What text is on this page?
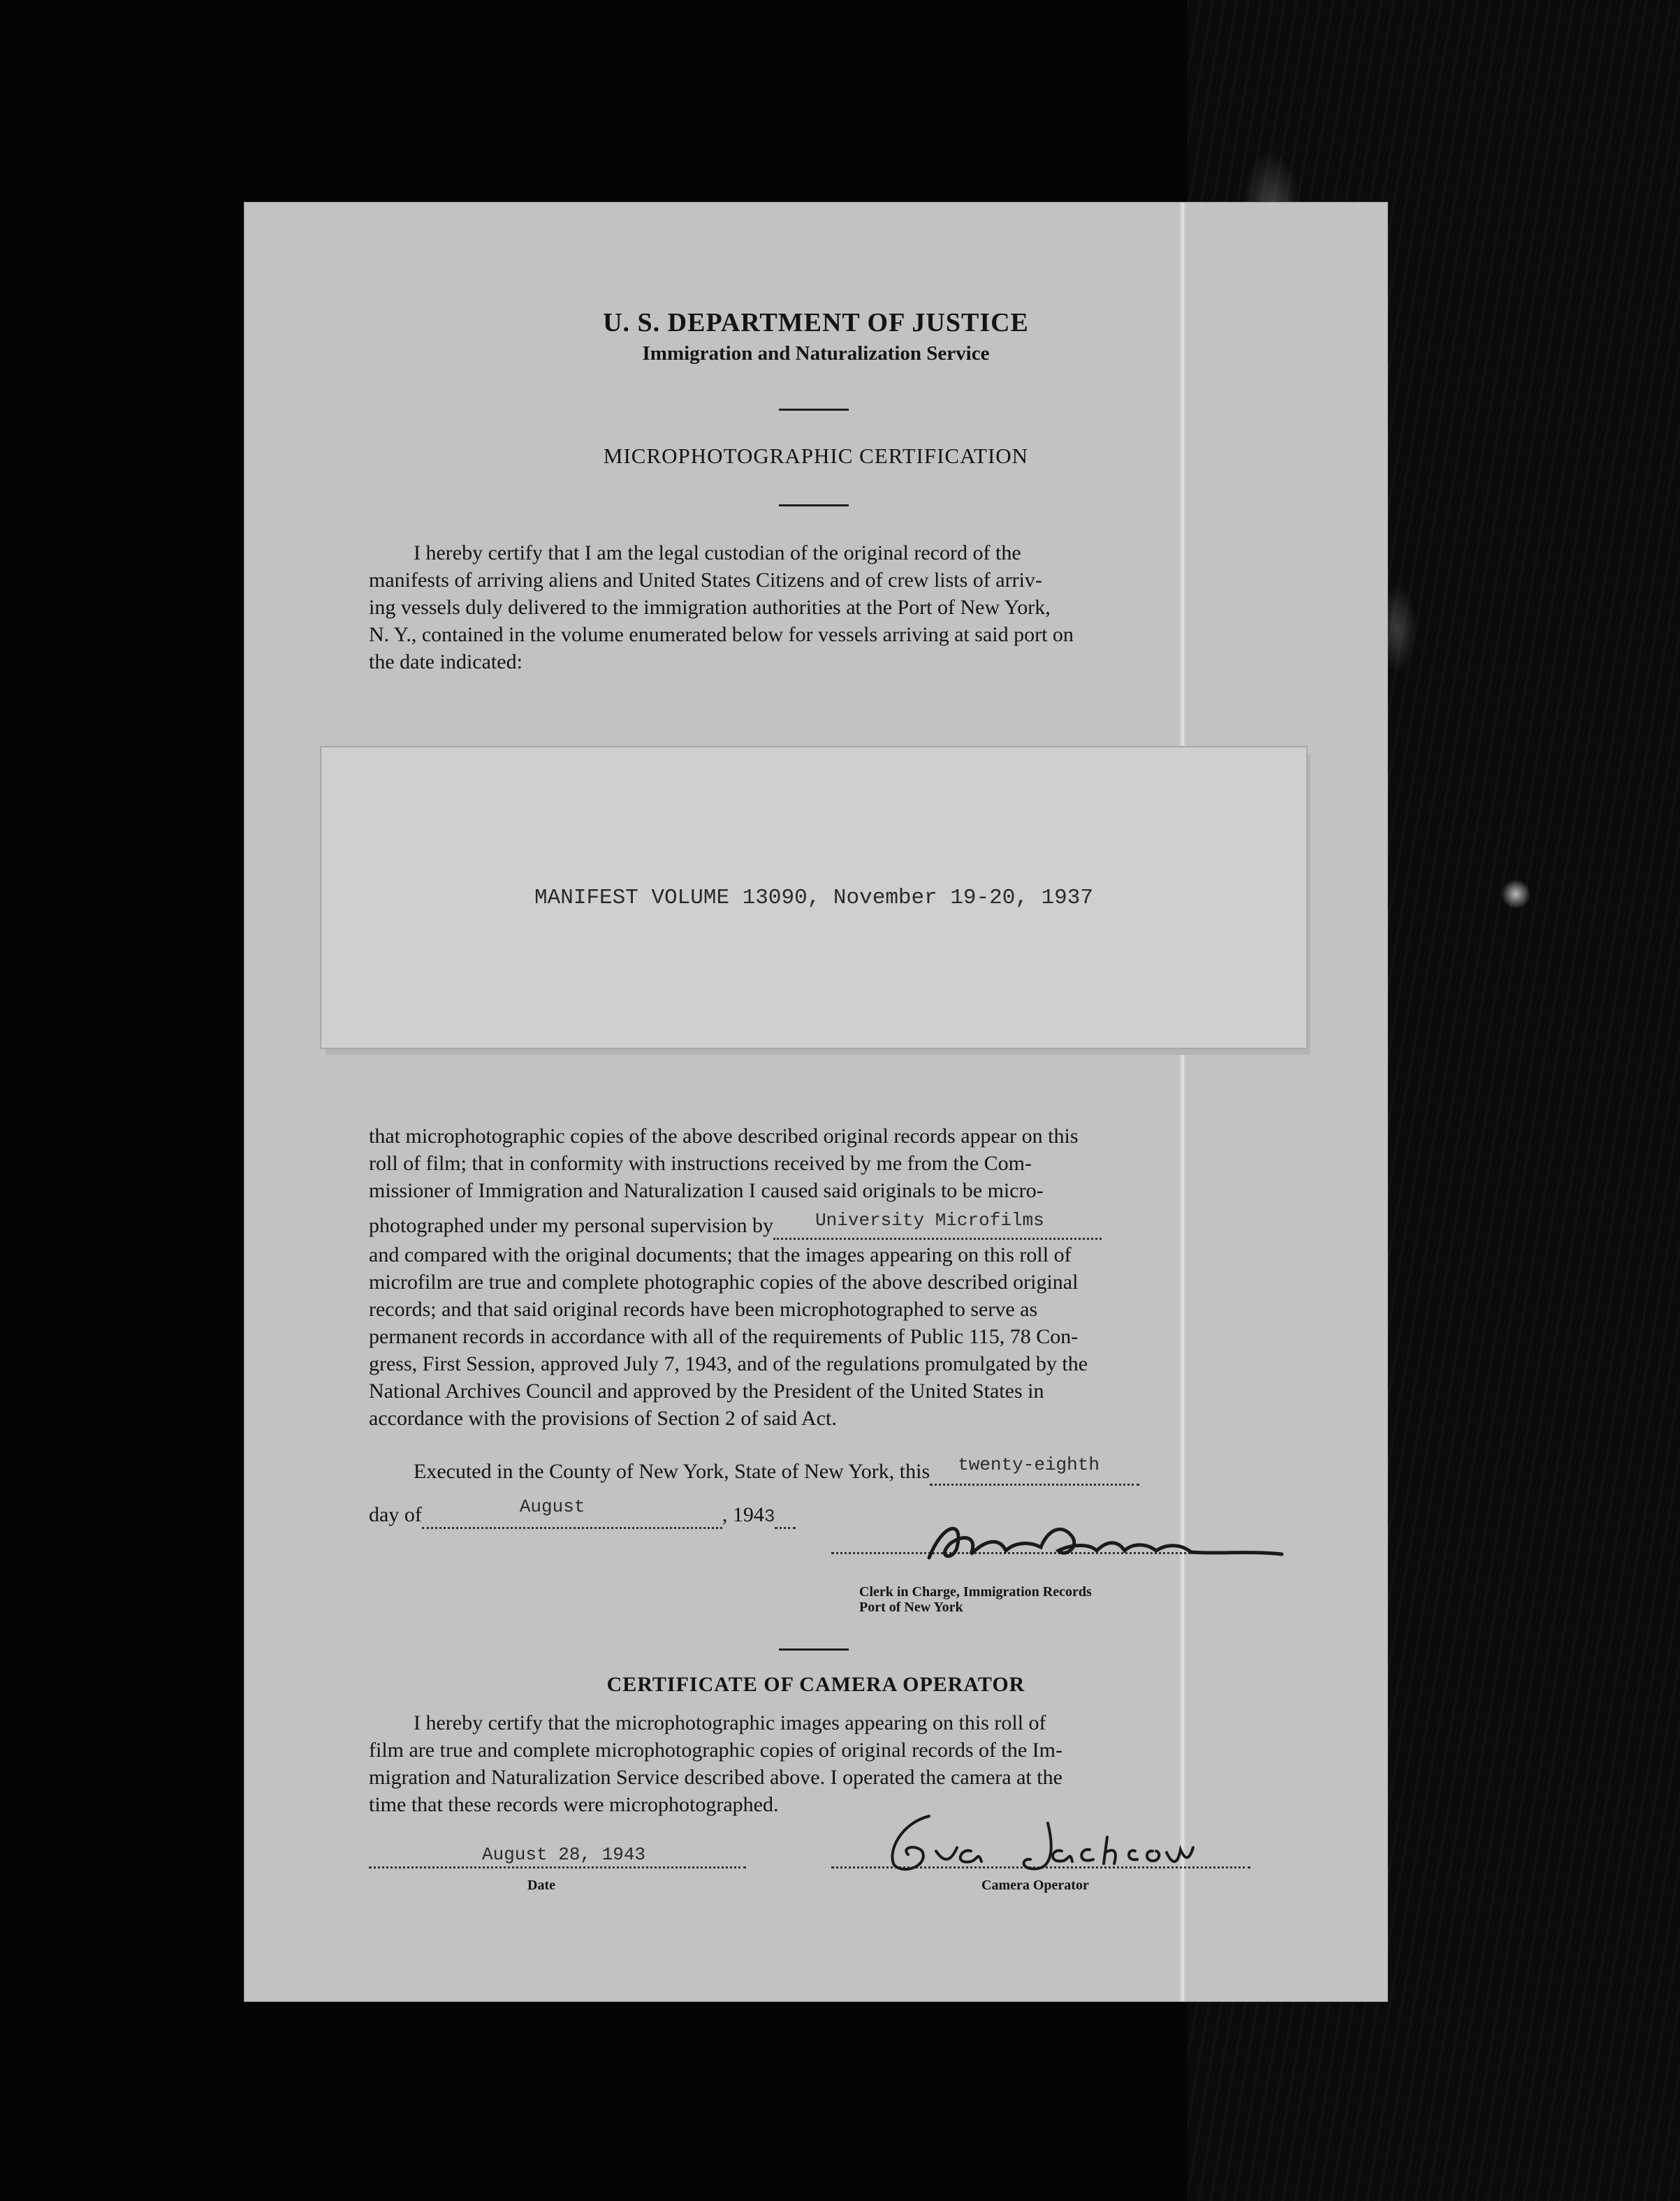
U. S. DEPARTMENT OF JUSTICE
Immigration and Naturalization Service
MICROPHOTOGRAPHIC CERTIFICATION
I hereby certify that I am the legal custodian of the original record of the
manifests of arriving aliens and United States Citizens and of crew lists of arriv-
ing vessels duly delivered to the immigration authorities at the Port of New York,
N. Y., contained in the volume enumerated below for vessels arriving at said port on
the date indicated:
MANIFEST VOLUME 13090, November 19-20, 1937
that microphotographic copies of the above described original records appear on this
roll of film; that in conformity with instructions received by me from the Com-
missioner of Immigration and Naturalization I caused said originals to be micro-
photographed under my personal supervision by University Microfilms

and compared with the original documents; that the images appearing on this roll of
microfilm are true and complete photographic copies of the above described original
records; and that said original records have been microphotographed to serve as
permanent records in accordance with all of the requirements of Public 115, 78 Con-
gress, First Session, approved July 7, 1943, and of the regulations promulgated by the
National Archives Council and approved by the President of the United States in
accordance with the provisions of Section 2 of said Act.
Executed in the County of New York, State of New York, this twenty-eighth

day of	August	, 1943
Clerk in Charge, Immigration Records
Port of New York
CERTIFICATE OF CAMERA OPERATOR
I hereby certify that the microphotographic images appearing on this roll of
film are true and complete microphotographic copies of original records of the Im-
migration and Naturalization Service described above. I operated the camera at the
time that these records were microphotographed.
August 28, 1943
Date	Camera Operator
